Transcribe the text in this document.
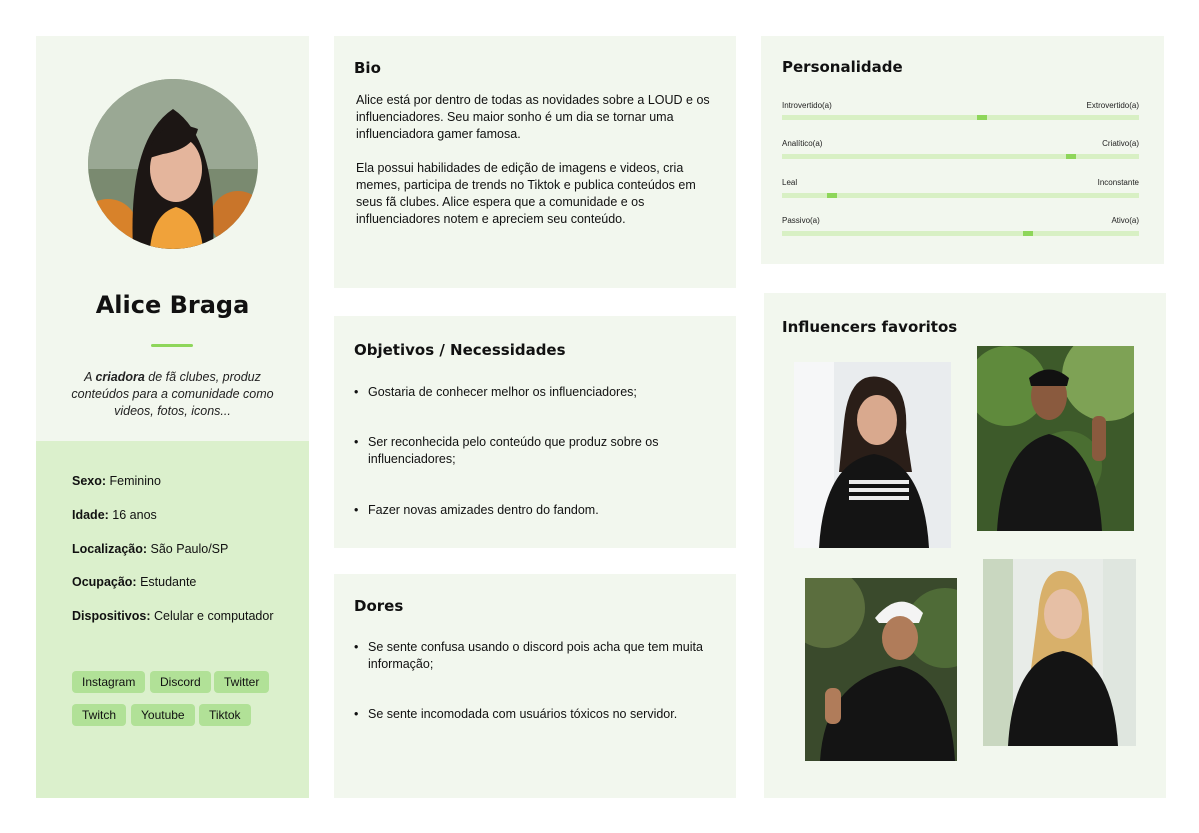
Alice Braga
A criadora de fã clubes, produz conteúdos para a comunidade como videos, fotos, icons...
Sexo: Feminino
Idade: 16 anos
Localização: São Paulo/SP
Ocupação: Estudante
Dispositivos: Celular e computador
Instagram	Discord	Twitter
Twitch	Youtube	Tiktok
Bio
Alice está por dentro de todas as novidades sobre a LOUD e os influenciadores. Seu maior sonho é um dia se tornar uma influenciadora gamer famosa.
Ela possui habilidades de edição de imagens e videos, cria memes, participa de trends no Tiktok e publica conteúdos em seus fã clubes. Alice espera que a comunidade e os influenciadores notem e apreciem seu conteúdo.
Objetivos / Necessidades
• Gostaria de conhecer melhor os influenciadores;
• Ser reconhecida pelo conteúdo que produz sobre os influenciadores;
• Fazer novas amizades dentro do fandom.
Dores
• Se sente confusa usando o discord pois acha que tem muita informação;
• Se sente incomodada com usuários tóxicos no servidor.
Personalidade
Introvertido(a)	Extrovertido(a)
Analítico(a)	Criativo(a)
Leal	Inconstante
Passivo(a)	Ativo(a)
Influencers favoritos
